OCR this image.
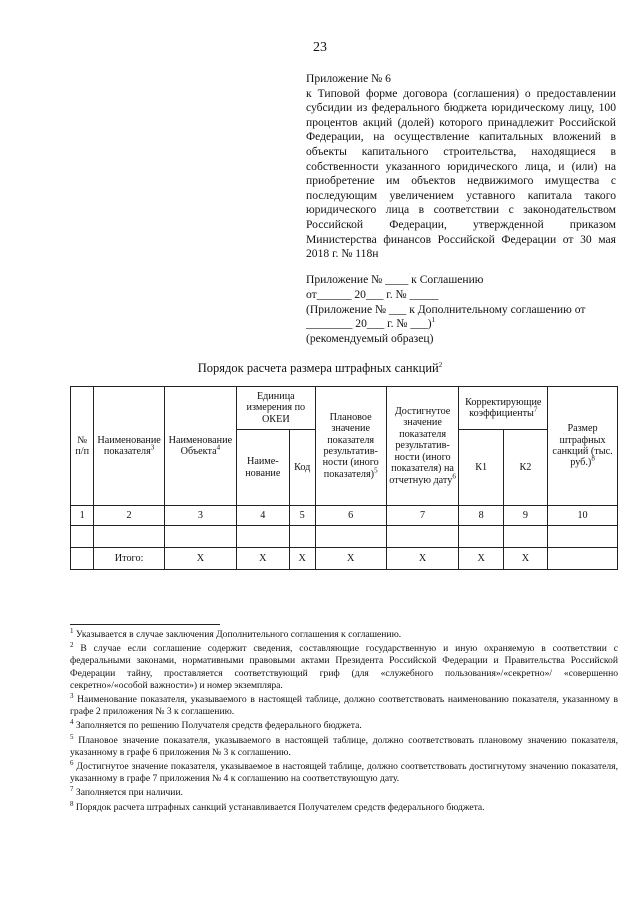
23
Приложение № 6
к Типовой форме договора (соглашения) о предоставлении субсидии из федерального бюджета юридическому лицу, 100 процентов акций (долей) которого принадлежит Российской Федерации, на осуществление капитальных вложений в объекты капитального строительства, находящиеся в собственности указанного юридического лица, и (или) на приобретение им объектов недвижимого имущества с последующим увеличением уставного капитала такого юридического лица в соответствии с законодательством Российской Федерации, утвержденной приказом Министерства финансов Российской Федерации от 30 мая 2018 г. № 118н
Приложение № ____ к Соглашению
от______ 20___ г. № _____
(Приложение № ___ к Дополнительному соглашению от ________ 20___ г. № ___)$^1$
(рекомендуемый образец)
Порядок расчета размера штрафных санкций$^2$
№ п/п	Наименование показателя$^3$	Наименование Объекта$^4$	Единица измерения по ОКЕИ		Плановое значение показателя результатив-ности (иного показателя)$^5$	Достигнутое значение показателя результатив-ности (иного показателя) на отчетную дату$^6$	Корректирующие коэффициенты$^7$		Размер штрафных санкций (тыс. руб.)$^8$
			Наиме-нование	Код			К1	К2	
1	2	3	4	5	6	7	8	9	10

	Итого:	X	X	X	X	X	X	X	

$^1$ Указывается в случае заключения Дополнительного соглашения к соглашению.

$^2$ В случае если соглашение содержит сведения, составляющие государственную и иную охраняемую в соответствии с федеральными законами, нормативными правовыми актами Президента Российской Федерации и Правительства Российской Федерации тайну, проставляется соответствующий гриф (для «служебного пользования»/«секретно»/ «совершенно секретно»/«особой важности») и номер экземпляра.

$^3$ Наименование показателя, указываемого в настоящей таблице, должно соответствовать наименованию показателя, указанному в графе 2 приложения № 3 к соглашению.

$^4$ Заполняется по решению Получателя средств федерального бюджета.

$^5$ Плановое значение показателя, указываемого в настоящей таблице, должно соответствовать плановому значению показателя, указанному в графе 6 приложения № 3 к соглашению.

$^6$ Достигнутое значение показателя, указываемое в настоящей таблице, должно соответствовать достигнутому значению показателя, указанному в графе 7 приложения № 4 к соглашению на соответствующую дату.

$^7$ Заполняется при наличии.

$^8$ Порядок расчета штрафных санкций устанавливается Получателем средств федерального бюджета.
